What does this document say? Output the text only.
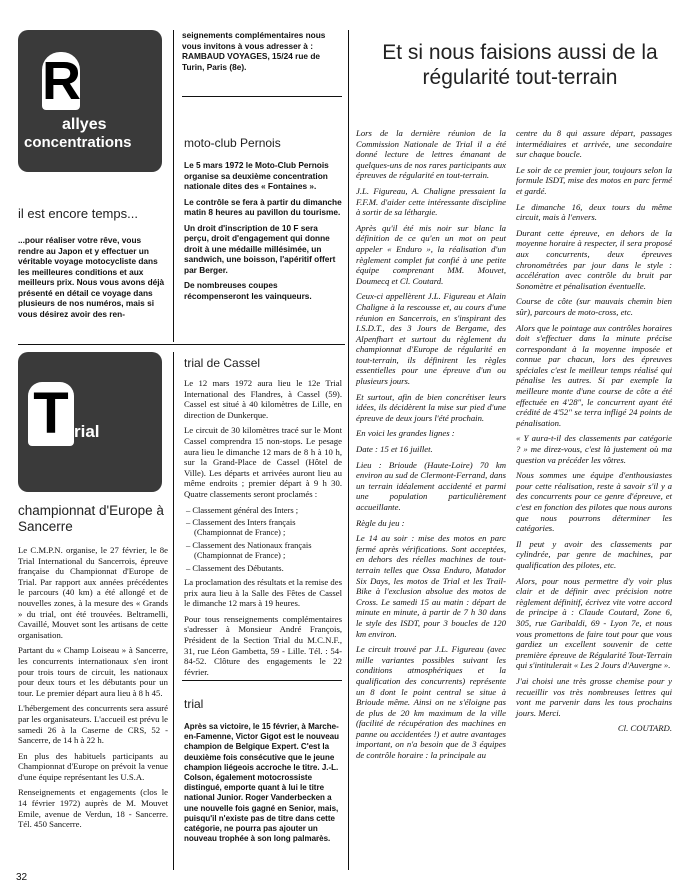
R
allyes
concentrations
il est encore temps...

...pour réaliser votre rêve, vous rendre au Japon et y effectuer un véritable voyage motocycliste dans les meilleures conditions et aux meilleurs prix. Nous vous avons déjà présenté en détail ce voyage dans plusieurs de nos numéros, mais si vous désirez avoir des ren-

seignements complémentaires nous vous invitons à vous adresser à : RAMBAUD VOYAGES, 15/24 rue de Turin, Paris (8e).

moto-club Pernois

Le 5 mars 1972 le Moto-Club Pernois organise sa deuxième concentration nationale dites des « Fontaines ».

Le contrôle se fera à partir du dimanche matin 8 heures au pavillon du tourisme.

Un droit d'inscription de 10 F sera perçu, droit d'engagement qui donne droit à une médaille millésimée, un sandwich, une boisson, l'apéritif offert par Berger.

De nombreuses coupes récompenseront les vainqueurs.

T rial
championnat d'Europe à Sancerre

Le C.M.P.N. organise, le 27 février, le 8e Trial International du Sancerrois, épreuve française du Championnat d'Europe de Trial. Par rapport aux années précédentes le parcours (40 km) a été allongé et de nouvelles zones, à la mesure des « Grands » du trial, ont été trouvées. Beltramelli, Cavaillé, Mouvet sont les artisans de cette organisation.

Partant du « Champ Loiseau » à Sancerre, les concurrents internationaux s'en iront pour trois tours de circuit, les nationaux pour deux tours et les débutants pour un tour. Le premier départ aura lieu à 8 h 45.

L'hébergement des concurrents sera assuré par les organisateurs. L'accueil est prévu le samedi 26 à la Caserne de CRS, 52 - Sancerre, de 14 h à 22 h.

En plus des habituels participants au Championnat d'Europe on prévoit la venue d'une équipe représentant les U.S.A.

Renseignements et engagements (clos le 14 février 1972) auprès de M. Mouvet Emile, avenue de Verdun, 18 - Sancerre. Tél. 450 Sancerre.

trial de Cassel

Le 12 mars 1972 aura lieu le 12e Trial International des Flandres, à Cassel (59). Cassel est situé à 40 kilomètres de Lille, en direction de Dunkerque.

Le circuit de 30 kilomètres tracé sur le Mont Cassel comprendra 15 non-stops. Le pesage aura lieu le dimanche 12 mars de 8 h à 10 h, sur la Grand-Place de Cassel (Hôtel de Ville). Les départs et arrivées auront lieu au même endroits ; premier départ à 9 h 30. Quatre classements seront proclamés :

– Classement général des Inters ;

– Classement des Inters français (Championnat de France) ;

– Classement des Nationaux français (Championnat de France) ;

– Classement des Débutants.

La proclamation des résultats et la remise des prix aura lieu à la Salle des Fêtes de Cassel le dimanche 12 mars à 19 heures.

Pour tous renseignements complémentaires s'adresser à Monsieur André François, Président de la Section Trial du M.C.N.F., 31, rue Léon Gambetta, 59 - Lille. Tél. : 54-84-52. Clôture des engagements le 22 février.

trial

Après sa victoire, le 15 février, à Marche-en-Famenne, Victor Gigot est le nouveau champion de Belgique Expert. C'est la deuxième fois consécutive que le jeune champion liégeois accroche le titre. J.-L. Colson, également motocrossiste distingué, emporte quant à lui le titre national Junior. Roger Vanderbecken a une nouvelle fois gagné en Senior, mais, puisqu'il n'existe pas de titre dans cette catégorie, ne pourra pas ajouter un nouveau trophée à son long palmarès.

Et si nous faisions aussi de la régularité tout-terrain

Lors de la dernière réunion de la Commission Nationale de Trial il a été donné lecture de lettres émanant de quelques-uns de nos rares participants aux épreuves de régularité en tout-terrain.

J.L. Figureau, A. Chaligne pressaient la F.F.M. d'aider cette intéressante discipline à sortir de sa léthargie.

Après qu'il été mis noir sur blanc la définition de ce qu'en un mot on peut appeler « Enduro », la réalisation d'un règlement complet fut confié à une petite équipe comprenant MM. Mouvet, Doumecq et Cl. Coutard.

Ceux-ci appellèrent J.L. Figureau et Alain Chaligne à la rescousse et, au cours d'une réunion en Sancerrois, en s'inspirant des I.S.D.T., des 3 Jours de Bergame, des Alpenfhart et surtout du règlement du championnat d'Europe de régularité en tout-terrain, ils définirent les règles essentielles pour une épreuve d'un ou plusieurs jours.

Et surtout, afin de bien concrétiser leurs idées, ils décidèrent la mise sur pied d'une épreuve de deux jours l'été prochain.

En voici les grandes lignes :

Date : 15 et 16 juillet.

Lieu : Brioude (Haute-Loire) 70 km environ au sud de Clermont-Ferrand, dans un terrain idéalement accidenté et parmi une population particulièrement accueillante.

Règle du jeu :

Le 14 au soir : mise des motos en parc fermé après vérifications. Sont acceptées, en dehors des réelles machines de tout-terrain telles que Ossa Enduro, Matador Six Days, les motos de Trial et les Trail-Bike à l'exclusion absolue des motos de Cross. Le samedi 15 au matin : départ de minute en minute, à partir de 7 h 30 dans le style des ISDT, pour 3 boucles de 120 km environ.

Le circuit trouvé par J.L. Figureau (avec mille variantes possibles suivant les conditions atmosphériques et la qualification des concurrents) représente un 8 dont le point central se situe à Brioude même. Ainsi on ne s'éloigne pas de plus de 20 km maximum de la ville (facilité de récupération des machines en panne ou accidentées !) et autre avantages important, on n'a besoin que de 3 équipes de contrôle horaire : la principale au

centre du 8 qui assure départ, passages intermédiaires et arrivée, une secondaire sur chaque boucle.

Le soir de ce premier jour, toujours selon la formule ISDT, mise des motos en parc fermé et gardé.

Le dimanche 16, deux tours du même circuit, mais à l'envers.

Durant cette épreuve, en dehors de la moyenne horaire à respecter, il sera proposé aux concurrents, deux épreuves chronométrées par jour dans le style : accélération avec contrôle du bruit par Sonomètre et pénalisation éventuelle.

Course de côte (sur mauvais chemin bien sûr), parcours de moto-cross, etc.

Alors que le pointage aux contrôles horaires doit s'effectuer dans la minute précise correspondant à la moyenne imposée et connue par chacun, lors des épreuves spéciales c'est le meilleur temps réalisé qui pénalise les autres. Si par exemple la meilleure monte d'une course de côte a été effectuée en 4'28", le concurrent ayant été crédité de 4'52" se terra infligé 24 points de pénalisation.

« Y aura-t-il des classements par catégorie ? » me direz-vous, c'est là justement où ma question va précéder les vôtres.

Nous sommes une équipe d'enthousiastes pour cette réalisation, reste à savoir s'il y a des concurrents pour ce genre d'épreuve, et c'est en fonction des pilotes que nous aurons que nous pourrons déterminer les catégories.

Il peut y avoir des classements par cylindrée, par genre de machines, par qualification des pilotes, etc.

Alors, pour nous permettre d'y voir plus clair et de définir avec précision notre règlement définitif, écrivez vite votre accord de principe à : Claude Coutard, Zone 6, 305, rue Garibaldi, 69 - Lyon 7e, et nous vous promettons de faire tout pour que vous gardiez un excellent souvenir de cette première épreuve de Régularité Tout-Terrain qui s'intitulerait « Les 2 Jours d'Auvergne ».

J'ai choisi une très grosse chemise pour y recueillir vos très nombreuses lettres qui vont me parvenir dans les tous prochains jours. Merci.

Cl. COUTARD.

32
